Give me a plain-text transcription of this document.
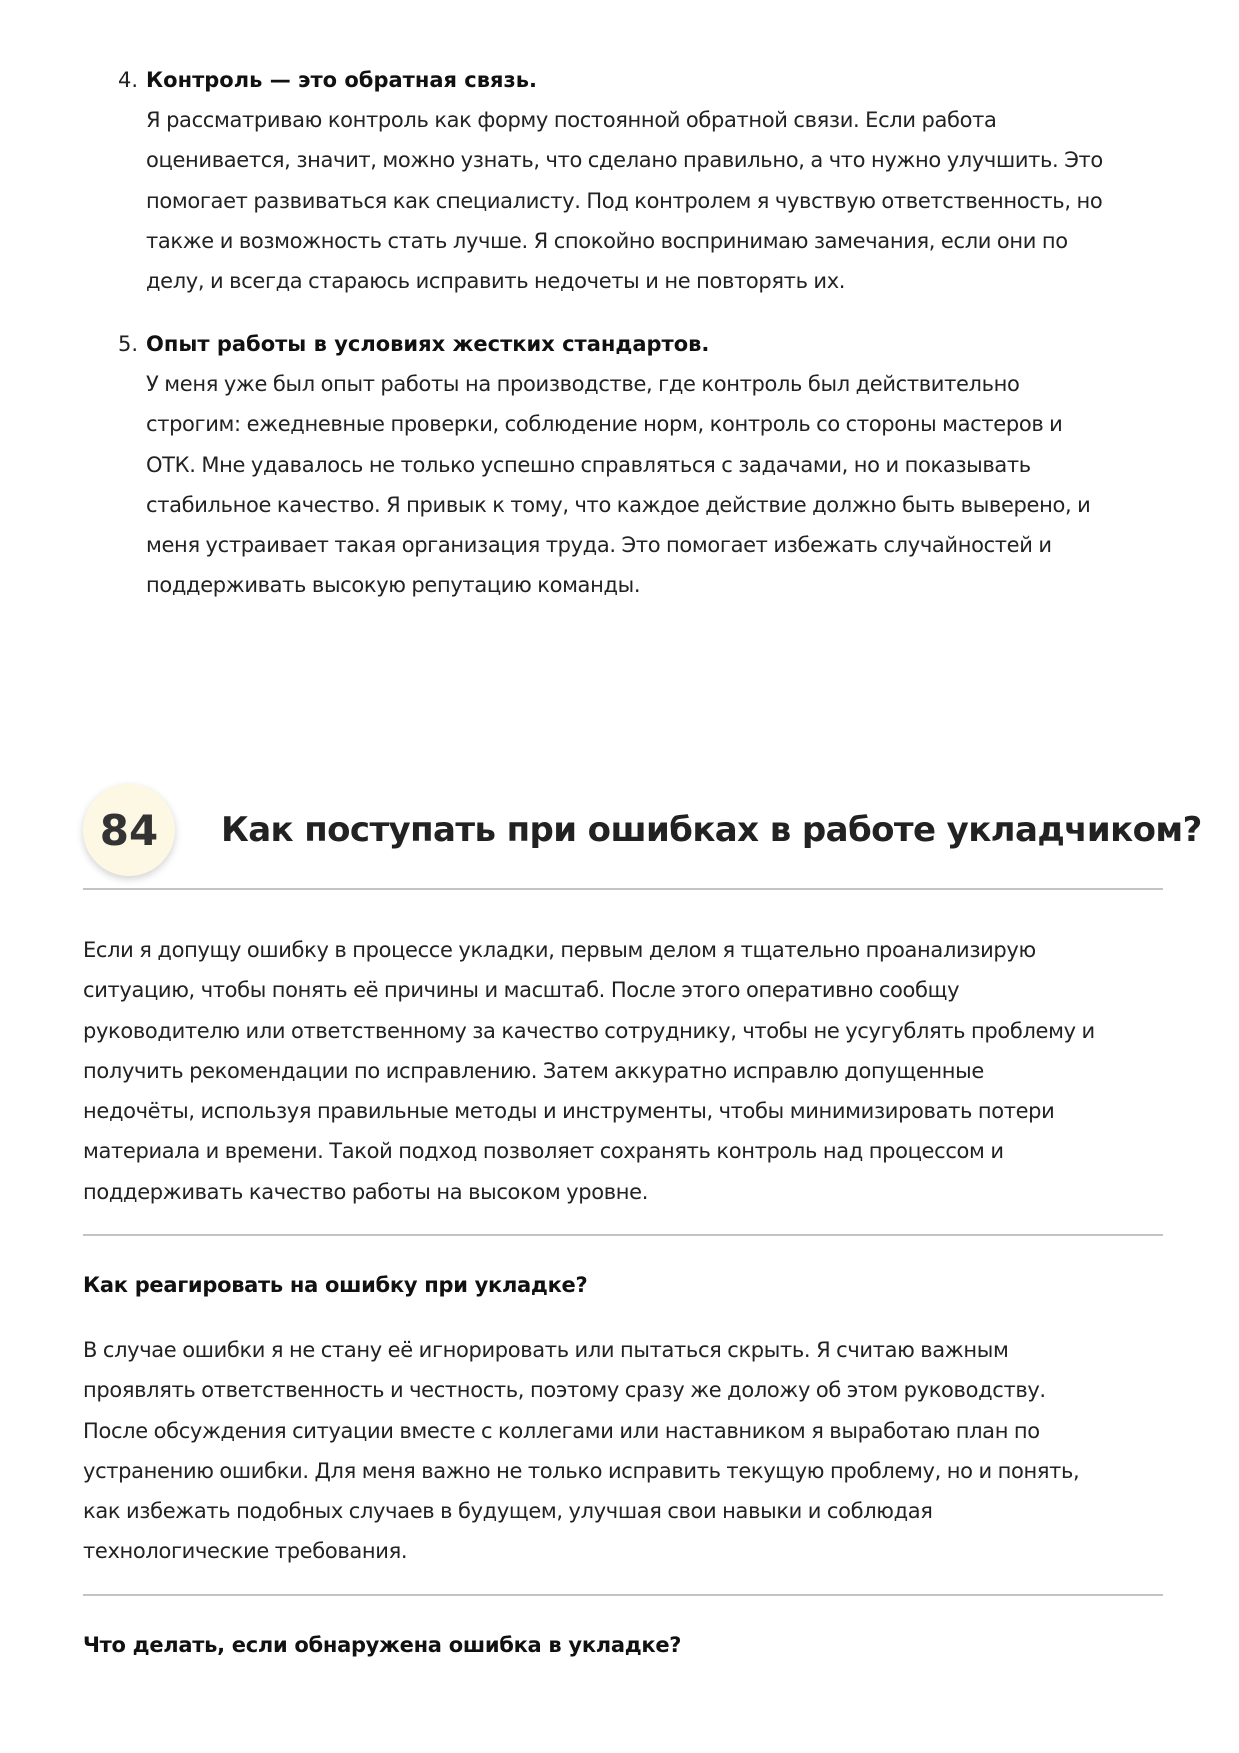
4. Контроль — это обратная связь.
Я рассматриваю контроль как форму постоянной обратной связи. Если работа
оценивается, значит, можно узнать, что сделано правильно, а что нужно улучшить. Это
помогает развиваться как специалисту. Под контролем я чувствую ответственность, но
также и возможность стать лучше. Я спокойно воспринимаю замечания, если они по
делу, и всегда стараюсь исправить недочеты и не повторять их.
5. Опыт работы в условиях жестких стандартов.
У меня уже был опыт работы на производстве, где контроль был действительно
строгим: ежедневные проверки, соблюдение норм, контроль со стороны мастеров и
ОТК. Мне удавалось не только успешно справляться с задачами, но и показывать
стабильное качество. Я привык к тому, что каждое действие должно быть выверено, и
меня устраивает такая организация труда. Это помогает избежать случайностей и
поддерживать высокую репутацию команды.
84 Как поступать при ошибках в работе укладчиком?
Если я допущу ошибку в процессе укладки, первым делом я тщательно проанализирую
ситуацию, чтобы понять её причины и масштаб. После этого оперативно сообщу
руководителю или ответственному за качество сотруднику, чтобы не усугублять проблему и
получить рекомендации по исправлению. Затем аккуратно исправлю допущенные
недочёты, используя правильные методы и инструменты, чтобы минимизировать потери
материала и времени. Такой подход позволяет сохранять контроль над процессом и
поддерживать качество работы на высоком уровне.
Как реагировать на ошибку при укладке?
В случае ошибки я не стану её игнорировать или пытаться скрыть. Я считаю важным
проявлять ответственность и честность, поэтому сразу же доложу об этом руководству.
После обсуждения ситуации вместе с коллегами или наставником я выработаю план по
устранению ошибки. Для меня важно не только исправить текущую проблему, но и понять,
как избежать подобных случаев в будущем, улучшая свои навыки и соблюдая
технологические требования.
Что делать, если обнаружена ошибка в укладке?
